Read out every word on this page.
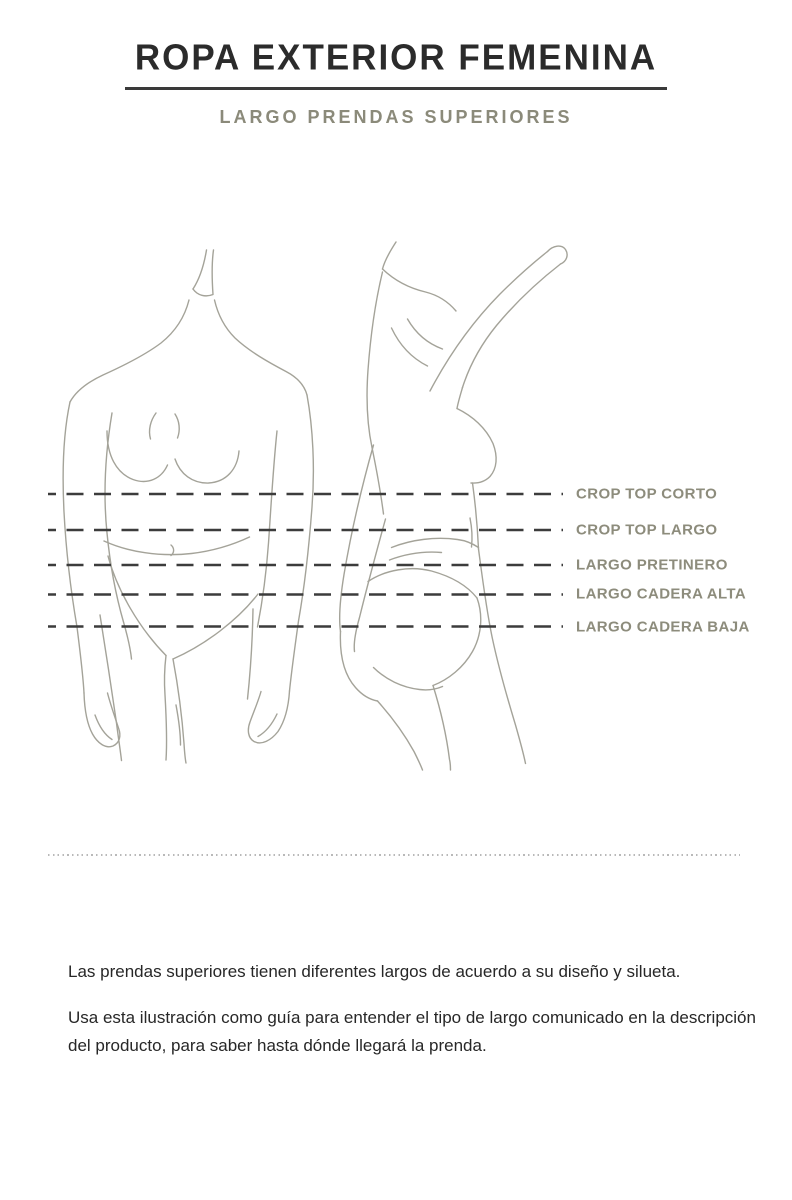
ROPA EXTERIOR FEMENINA
LARGO PRENDAS SUPERIORES
CROP TOP CORTO
CROP TOP LARGO
LARGO PRETINERO
LARGO CADERA ALTA
LARGO CADERA BAJA

Las prendas superiores tienen diferentes largos de acuerdo a su diseño y silueta.

Usa esta ilustración como guía para entender el tipo de largo comunicado en la descripción del producto, para saber hasta dónde llegará la prenda.
